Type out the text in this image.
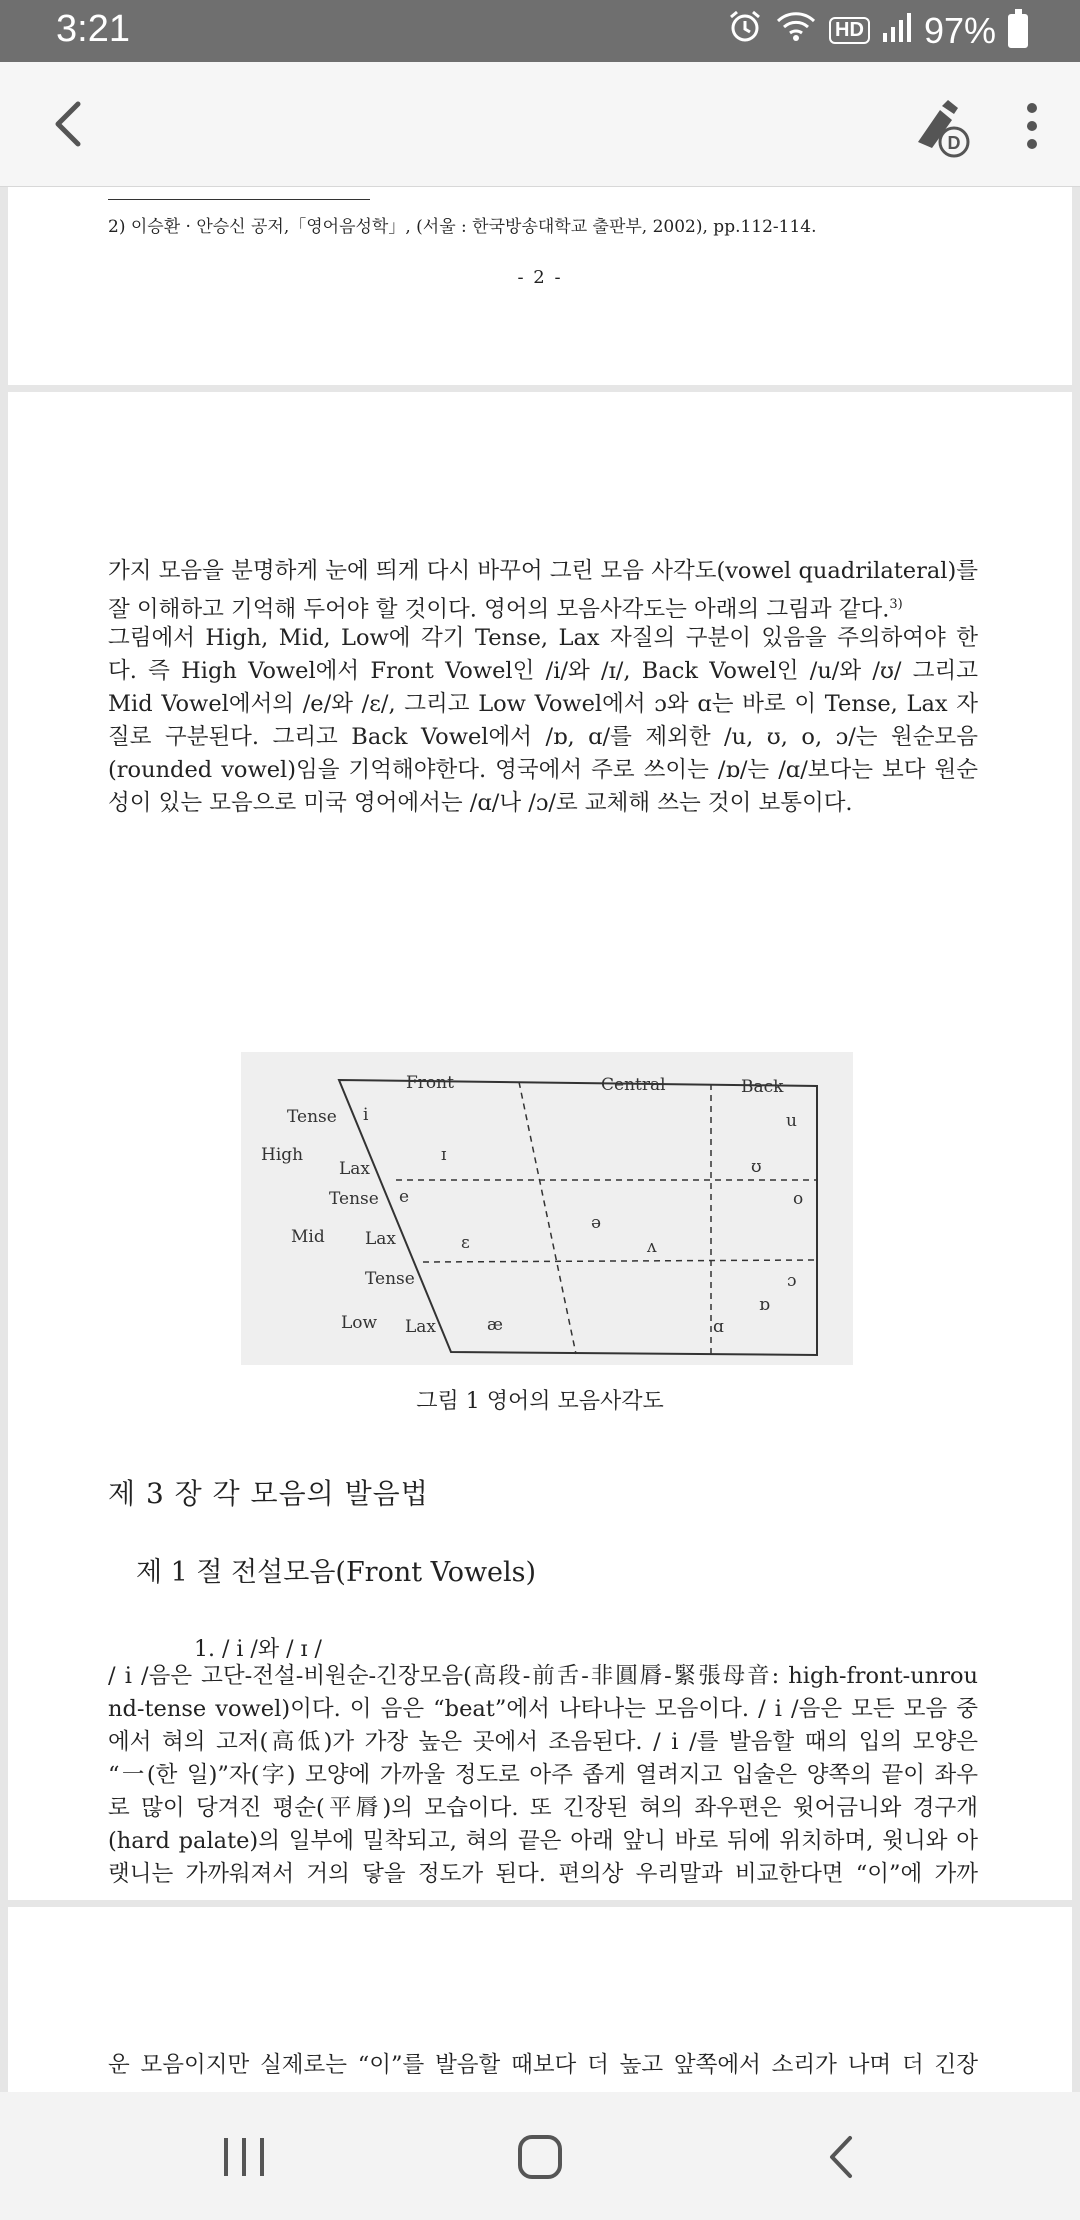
3:21	HD 97%
D
2) 이승환 · 안승신 공저,「영어음성학」, (서울 : 한국방송대학교 출판부, 2002), pp.112-114.
- 2 -
가지 모음을 분명하게 눈에 띄게 다시 바꾸어 그린 모음 사각도(vowel quadrilateral)를
잘 이해하고 기억해 두어야 할 것이다. 영어의 모음사각도는 아래의 그림과 같다.$^{3)}$
그림에서 High, Mid, Low에 각기 Tense, Lax 자질의 구분이 있음을 주의하여야 한
다. 즉 High Vowel에서 Front Vowel인 /i/와 /ɪ/, Back Vowel인 /u/와 /ʊ/ 그리고
Mid Vowel에서의 /e/와 /ɛ/, 그리고 Low Vowel에서 ɔ와 ɑ는 바로 이 Tense, Lax 자
질로 구분된다. 그리고 Back Vowel에서 /ɒ, ɑ/를 제외한 /u, ʊ, o, ɔ/는 원순모음
(rounded vowel)임을 기억해야한다. 영국에서 주로 쓰이는 /ɒ/는 /ɑ/보다는 보다 원순
성이 있는 모음으로 미국 영어에서는 /ɑ/나 /ɔ/로 교체해 쓰는 것이 보통이다.
Front	Central	Back
High
Mid
Low
Tense
Lax
Tense
Lax
Tense
Lax
i
ɪ
e
ɛ
æ
ə
ʌ
u
ʊ
o
ɔ
ɒ
ɑ
그림 1 영어의 모음사각도
제 3 장 각 모음의 발음법
제 1 절 전설모음(Front Vowels)
1. / i /와 / ɪ /
/ i /음은 고단-전설-비원순-긴장모음(高段-前舌-非圓脣-緊張母音: high-front-unrou
nd-tense vowel)이다. 이 음은 “beat”에서 나타나는 모음이다. / i /음은 모든 모음 중
에서 혀의 고저(高低)가 가장 높은 곳에서 조음된다. / i /를 발음할 때의 입의 모양은
“一(한 일)”자(字) 모양에 가까울 정도로 아주 좁게 열려지고 입술은 양쪽의 끝이 좌우
로 많이 당겨진 평순(平脣)의 모습이다. 또 긴장된 혀의 좌우편은 윗어금니와 경구개
(hard palate)의 일부에 밀착되고, 혀의 끝은 아래 앞니 바로 뒤에 위치하며, 윗니와 아
랫니는 가까워져서 거의 닿을 정도가 된다. 편의상 우리말과 비교한다면 “이”에 가까
운 모음이지만 실제로는 “이”를 발음할 때보다 더 높고 앞쪽에서 소리가 나며 더 긴장
